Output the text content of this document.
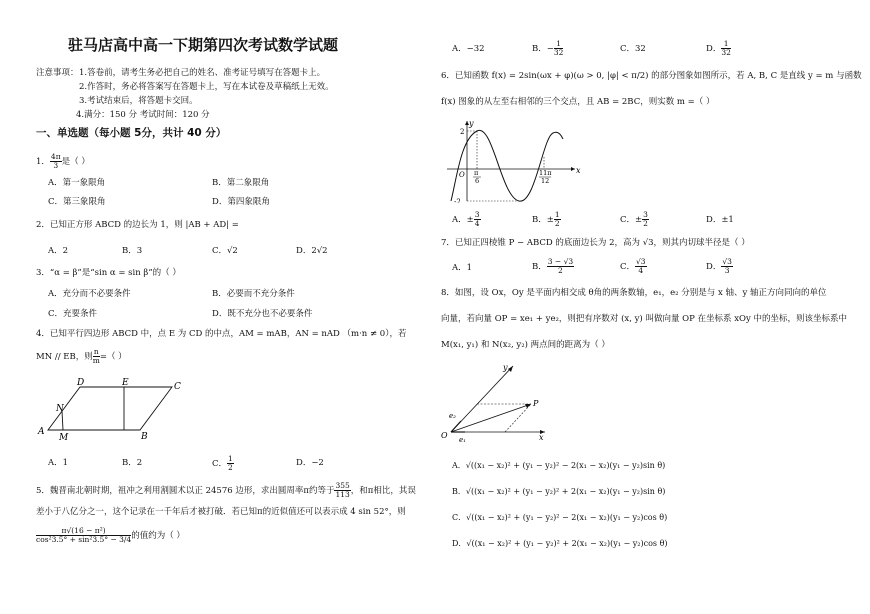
驻马店高中高一下期第四次考试数学试题
注意事项： 1.答卷前，请考生务必把自己的姓名、准考证号填写在答题卡上。
2.作答时，务必将答案写在答题卡上，写在本试卷及草稿纸上无效。
3.考试结束后，将答题卡交回。
4.满分：150 分 考试时间：120 分
一、单选题（每小题 5分，共计 40 分）
1． $\frac{4\pi}{3}$ 是（ ）
A．第一象限角	B．第二象限角
C．第三象限角	D．第四象限角
2．已知正方形 ABCD 的边长为 1，则 |AB + AD| =
A．2	B．3	C．√2	D．2√2
3．“α = β”是“sin α = sin β”的（ ）
A．充分而不必要条件	B．必要而不充分条件
C．充要条件	D．既不充分也不必要条件
4．已知平行四边形 ABCD 中，点 E 为 CD 的中点，AM = mAB，AN = nAD （m·n ≠ 0），若
MN // EB，则 $\frac{n}{m}$ =（ ）
D	E	C
N
A
M	B
A．1	B．2	C． $\frac{1}{2}$	D．−2
5．魏晋南北朝时期，祖冲之利用割圆术以正 24576 边形，求出圆周率π约等于 $\frac{355}{113}$ ，和π相比，其误
差小于八亿分之一，这个记录在一千年后才被打破．若已知π的近似值还可以表示成 4 sin 52°，则
$\frac{\text{π√(16 − π²)}}{\text{cos²3.5° + sin²3.5° − 3/4}}$ 的值约为（ ）
A．−32	B．− $\frac{1}{32}$	C．32	D． $\frac{1}{32}$
6．已知函数 f(x) = 2sin(ωx + φ)(ω > 0, |φ| < π/2) 的部分图象如图所示，若 A, B, C 是直线 y = m 与函数
f(x) 图象的从左至右相邻的三个交点，且 AB = 2BC，则实数 m =（ ）
y
2
-2
O π
6
11π
12
x
A．± $\frac{3}{4}$	B．± $\frac{1}{2}$	C．± $\frac{3}{2}$	D．±1
7．已知正四棱锥 P − ABCD 的底面边长为 2，高为 √3，则其内切球半径是（ ）
A．1	B． $\frac{3 - √3}{2}$	C． $\frac{√3}{4}$	D． $\frac{√3}{3}$
8．如图，设 Ox，Oy 是平面内相交成 θ角的两条数轴，e₁，e₂ 分别是与 x 轴、y 轴正方向同向的单位
向量，若向量 OP = xe₁ + ye₂，则把有序数对 (x, y) 叫做向量 OP 在坐标系 xOy 中的坐标，则该坐标系中
M(x₁, y₁) 和 N(x₂, y₂) 两点间的距离为（ ）
y
P
e₂
O e₁	x
A．√((x₁ − x₂)² + (y₁ − y₂)² − 2(x₁ − x₂)(y₁ − y₂)sin θ)
B．√((x₁ − x₂)² + (y₁ − y₂)² + 2(x₁ − x₂)(y₁ − y₂)sin θ)
C．√((x₁ − x₂)² + (y₁ − y₂)² − 2(x₁ − x₂)(y₁ − y₂)cos θ)
D．√((x₁ − x₂)² + (y₁ − y₂)² + 2(x₁ − x₂)(y₁ − y₂)cos θ)
